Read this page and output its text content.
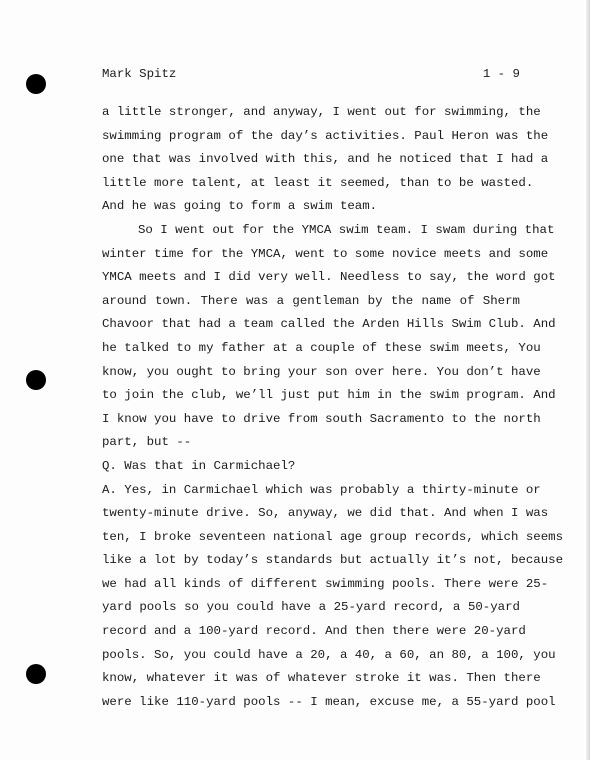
Mark Spitz	1 - 9
a little stronger, and anyway, I went out for swimming, the
swimming program of the day’s activities. Paul Heron was the
one that was involved with this, and he noticed that I had a
little more talent, at least it seemed, than to be wasted.
And he was going to form a swim team.
So I went out for the YMCA swim team. I swam during that
winter time for the YMCA, went to some novice meets and some
YMCA meets and I did very well. Needless to say, the word got
around town. There was a gentleman by the name of Sherm
Chavoor that had a team called the Arden Hills Swim Club. And
he talked to my father at a couple of these swim meets, You
know, you ought to bring your son over here. You don’t have
to join the club, we’ll just put him in the swim program. And
I know you have to drive from south Sacramento to the north
part, but --
Q. Was that in Carmichael?
A. Yes, in Carmichael which was probably a thirty-minute or
twenty-minute drive. So, anyway, we did that. And when I was
ten, I broke seventeen national age group records, which seems
like a lot by today’s standards but actually it’s not, because
we had all kinds of different swimming pools. There were 25-
yard pools so you could have a 25-yard record, a 50-yard
record and a 100-yard record. And then there were 20-yard
pools. So, you could have a 20, a 40, a 60, an 80, a 100, you
know, whatever it was of whatever stroke it was. Then there
were like 110-yard pools -- I mean, excuse me, a 55-yard pool
